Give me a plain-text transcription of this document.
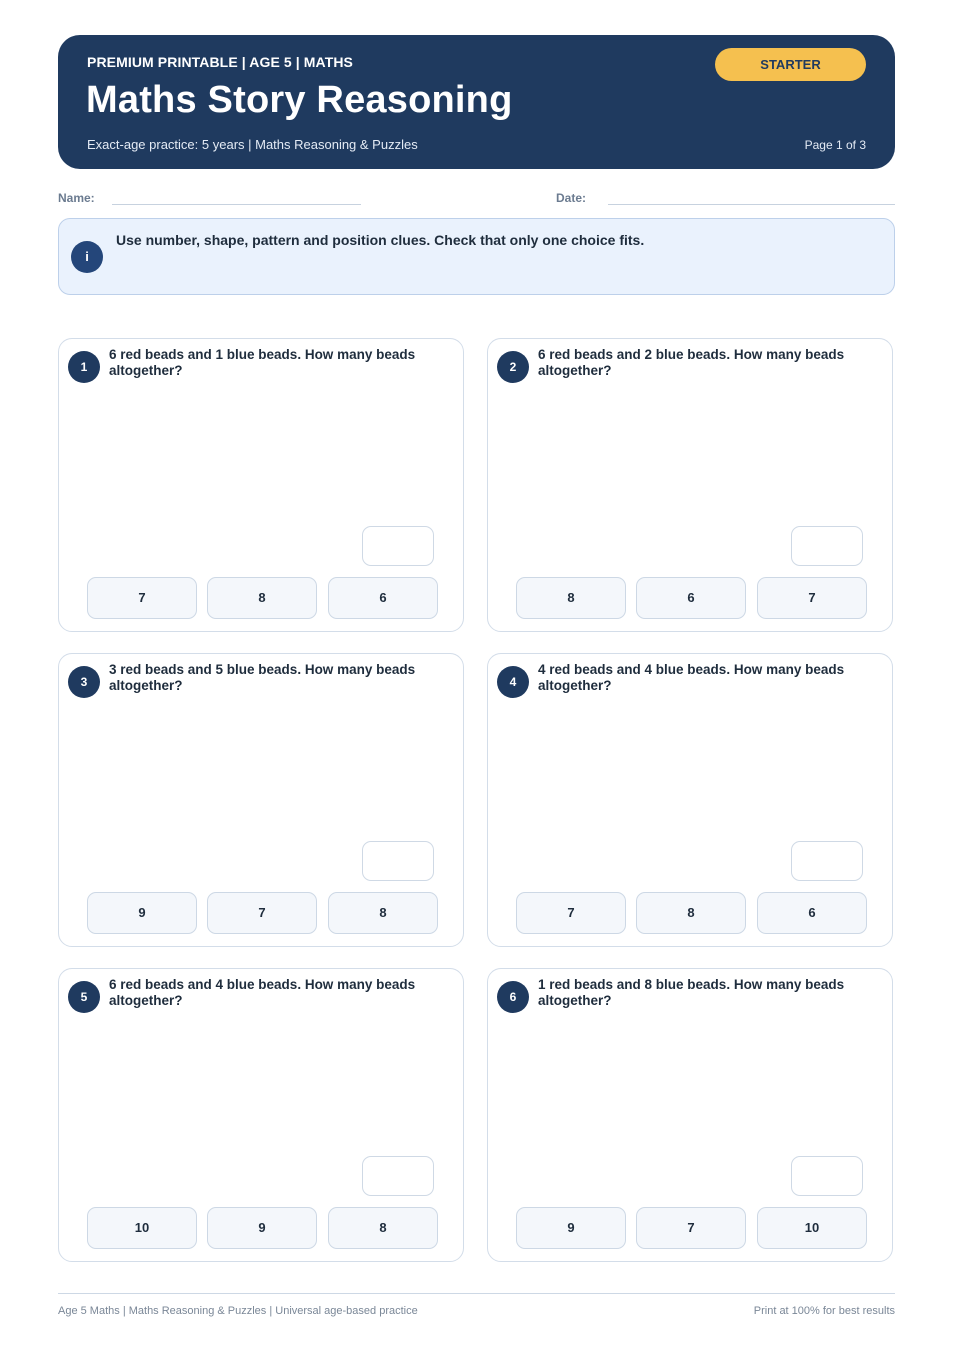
PREMIUM PRINTABLE | AGE 5 | MATHS
Maths Story Reasoning
Exact-age practice: 5 years | Maths Reasoning & Puzzles	Page 1 of 3
STARTER
Name:	Date:
i
Use number, shape, pattern and position clues. Check that only one choice fits.
1
6 red beads and 1 blue beads. How many beads altogether?
7	8	6
2
6 red beads and 2 blue beads. How many beads altogether?
8	6	7
3
3 red beads and 5 blue beads. How many beads altogether?
9	7	8
4
4 red beads and 4 blue beads. How many beads altogether?
7	8	6
5
6 red beads and 4 blue beads. How many beads altogether?
10	9	8
6
1 red beads and 8 blue beads. How many beads altogether?
9	7	10
Age 5 Maths | Maths Reasoning & Puzzles | Universal age-based practice	Print at 100% for best results
